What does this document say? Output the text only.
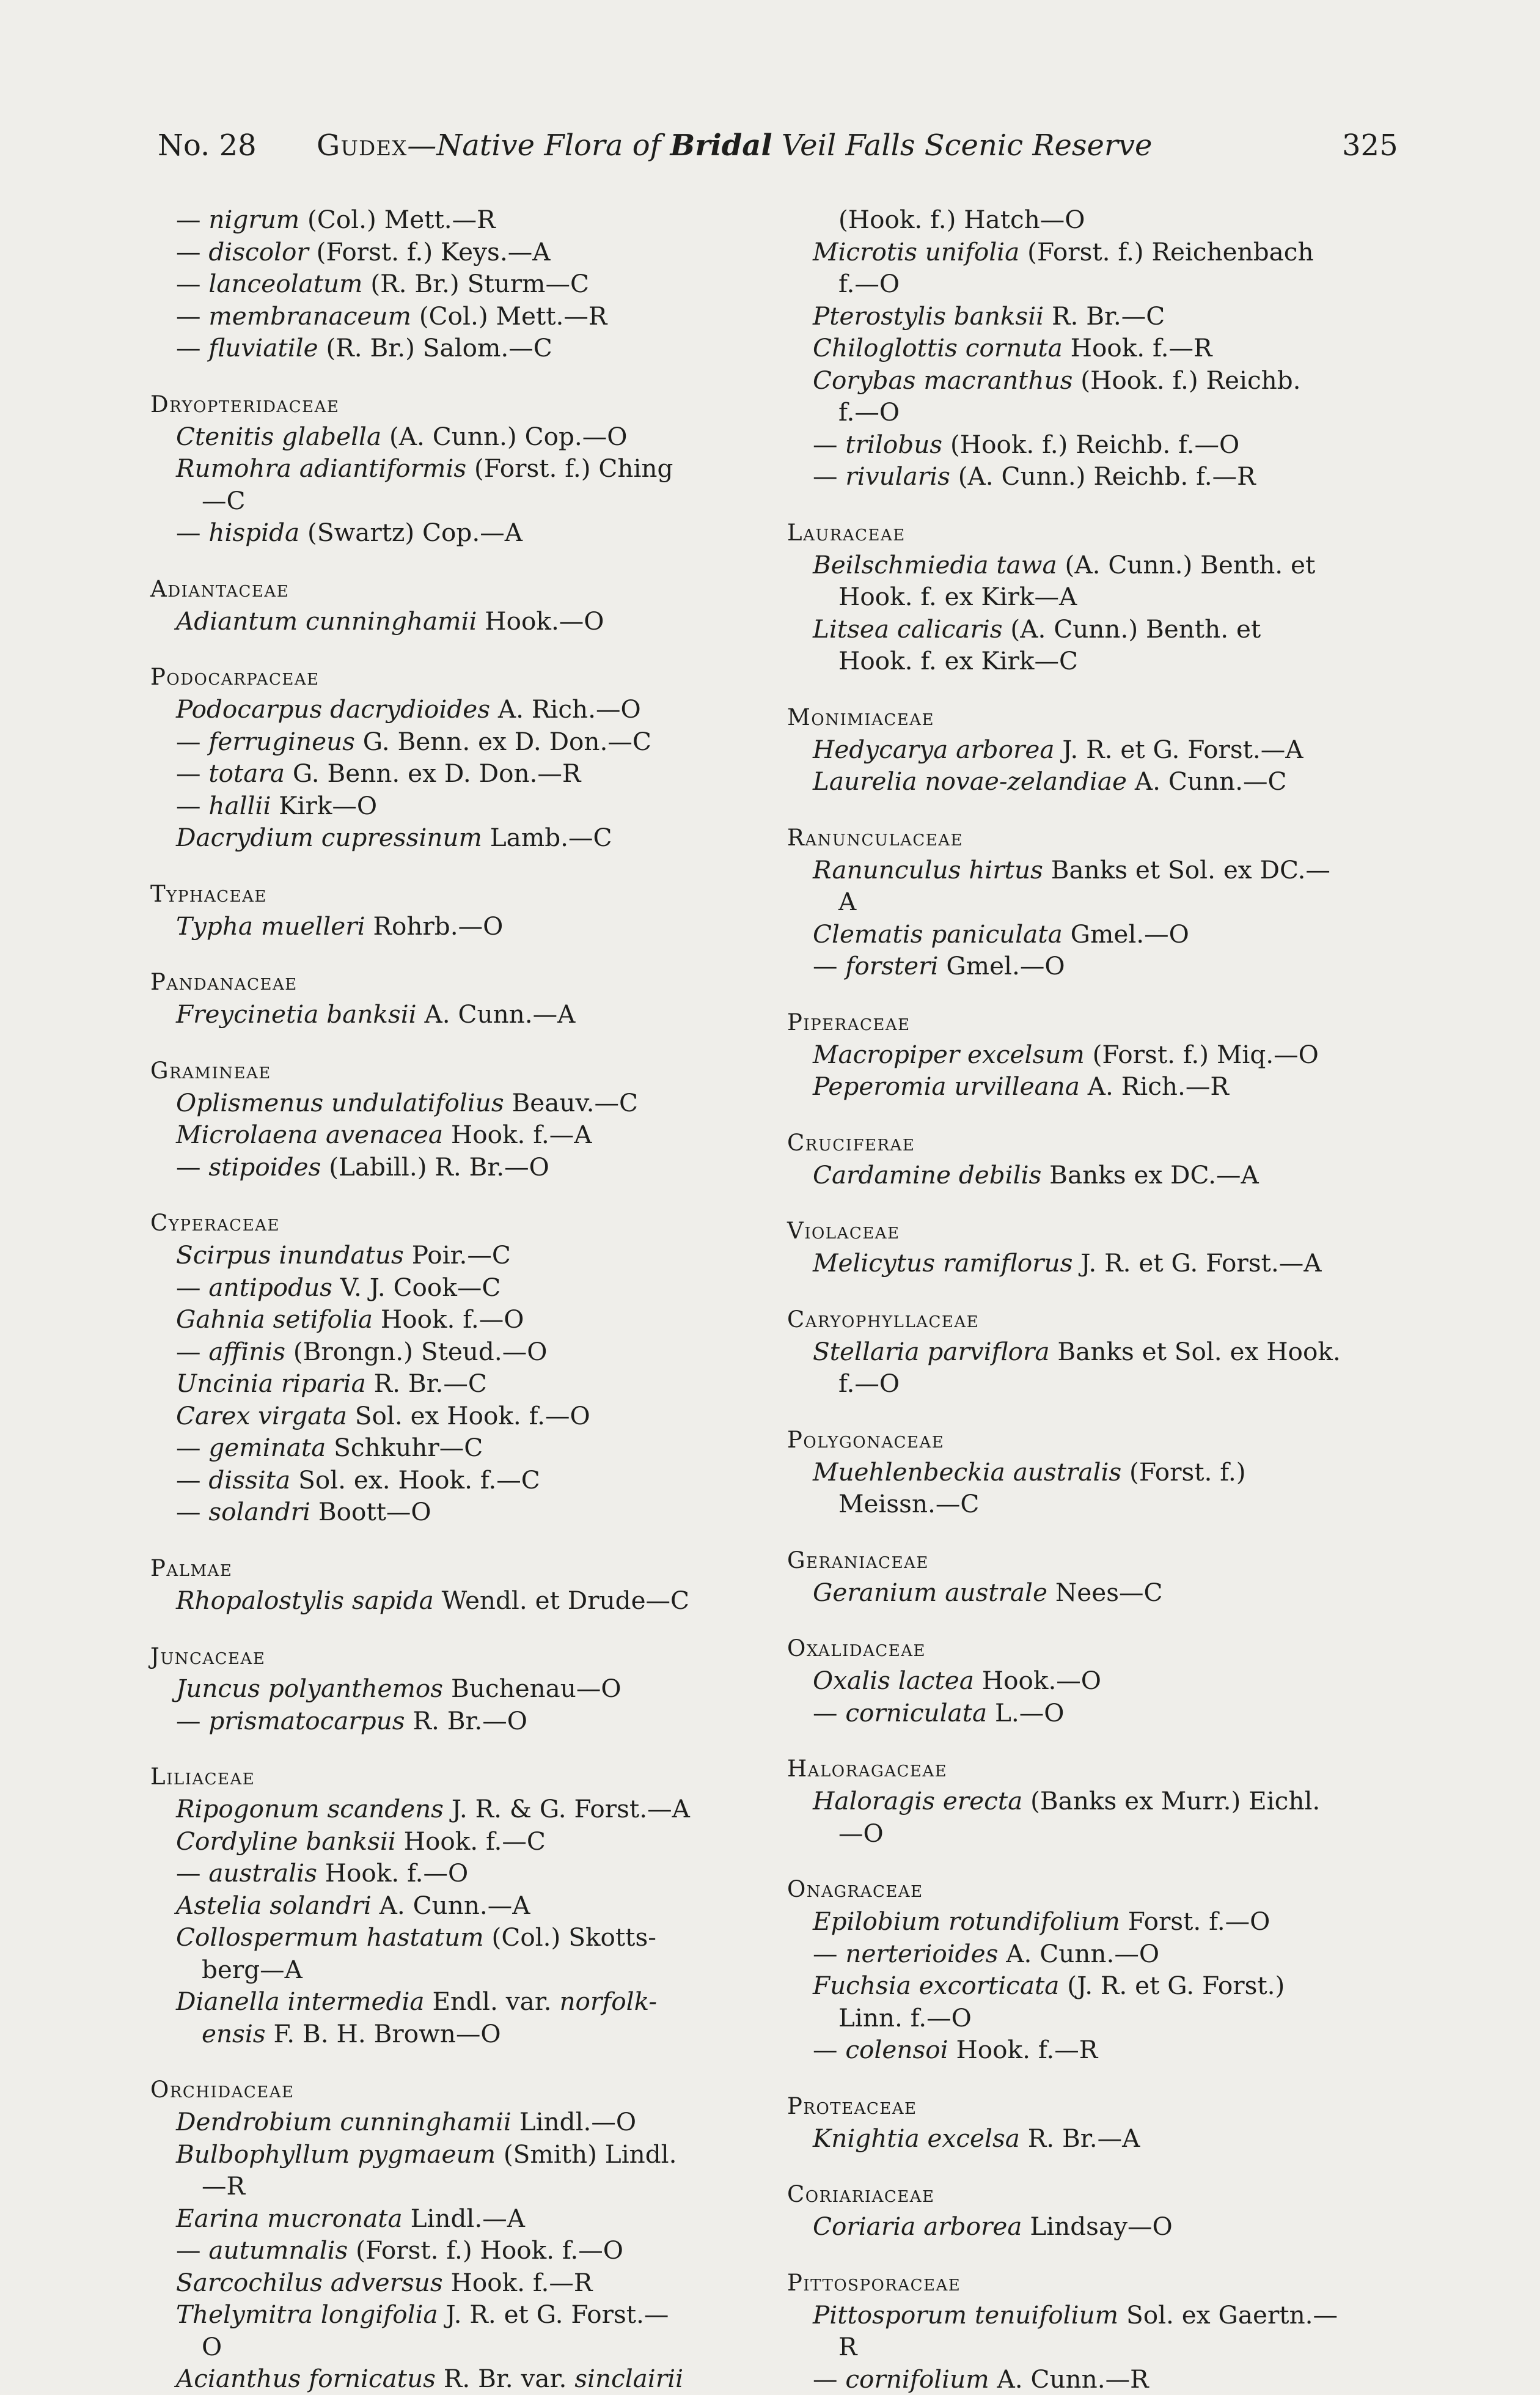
No. 28 Gudex—Native Flora of Bridal Veil Falls Scenic Reserve	325
— nigrum (Col.) Mett.—R
— discolor (Forst. f.) Keys.—A
— lanceolatum (R. Br.) Sturm—C
— membranaceum (Col.) Mett.—R
— fluviatile (R. Br.) Salom.—C
Dryopteridaceae
Ctenitis glabella (A. Cunn.) Cop.—O
Rumohra adiantiformis (Forst. f.) Ching
—C
— hispida (Swartz) Cop.—A
Adiantaceae
Adiantum cunninghamii Hook.—O
Podocarpaceae
Podocarpus dacrydioides A. Rich.—O
— ferrugineus G. Benn. ex D. Don.—C
— totara G. Benn. ex D. Don.—R
— hallii Kirk—O
Dacrydium cupressinum Lamb.—C
Typhaceae
Typha muelleri Rohrb.—O
Pandanaceae
Freycinetia banksii A. Cunn.—A
Gramineae
Oplismenus undulatifolius Beauv.—C
Microlaena avenacea Hook. f.—A
— stipoides (Labill.) R. Br.—O
Cyperaceae
Scirpus inundatus Poir.—C
— antipodus V. J. Cook—C
Gahnia setifolia Hook. f.—O
— affinis (Brongn.) Steud.—O
Uncinia riparia R. Br.—C
Carex virgata Sol. ex Hook. f.—O
— geminata Schkuhr—C
— dissita Sol. ex. Hook. f.—C
— solandri Boott—O
Palmae
Rhopalostylis sapida Wendl. et Drude—C
Juncaceae
Juncus polyanthemos Buchenau—O
— prismatocarpus R. Br.—O
Liliaceae
Ripogonum scandens J. R. & G. Forst.—A
Cordyline banksii Hook. f.—C
— australis Hook. f.—O
Astelia solandri A. Cunn.—A
Collospermum hastatum (Col.) Skotts-
berg—A
Dianella intermedia Endl. var. norfolk-
ensis F. B. H. Brown—O
Orchidaceae
Dendrobium cunninghamii Lindl.—O
Bulbophyllum pygmaeum (Smith) Lindl.
—R
Earina mucronata Lindl.—A
— autumnalis (Forst. f.) Hook. f.—O
Sarcochilus adversus Hook. f.—R
Thelymitra longifolia J. R. et G. Forst.—
O
Acianthus fornicatus R. Br. var. sinclairii
(Hook. f.) Hatch—O
Microtis unifolia (Forst. f.) Reichenbach
f.—O
Pterostylis banksii R. Br.—C
Chiloglottis cornuta Hook. f.—R
Corybas macranthus (Hook. f.) Reichb.
f.—O
— trilobus (Hook. f.) Reichb. f.—O
— rivularis (A. Cunn.) Reichb. f.—R
Lauraceae
Beilschmiedia tawa (A. Cunn.) Benth. et
Hook. f. ex Kirk—A
Litsea calicaris (A. Cunn.) Benth. et
Hook. f. ex Kirk—C
Monimiaceae
Hedycarya arborea J. R. et G. Forst.—A
Laurelia novae-zelandiae A. Cunn.—C
Ranunculaceae
Ranunculus hirtus Banks et Sol. ex DC.—
A
Clematis paniculata Gmel.—O
— forsteri Gmel.—O
Piperaceae
Macropiper excelsum (Forst. f.) Miq.—O
Peperomia urvilleana A. Rich.—R
Cruciferae
Cardamine debilis Banks ex DC.—A
Violaceae
Melicytus ramiflorus J. R. et G. Forst.—A
Caryophyllaceae
Stellaria parviflora Banks et Sol. ex Hook.
f.—O
Polygonaceae
Muehlenbeckia australis (Forst. f.)
Meissn.—C
Geraniaceae
Geranium australe Nees—C
Oxalidaceae
Oxalis lactea Hook.—O
— corniculata L.—O
Haloragaceae
Haloragis erecta (Banks ex Murr.) Eichl.
—O
Onagraceae
Epilobium rotundifolium Forst. f.—O
— nerterioides A. Cunn.—O
Fuchsia excorticata (J. R. et G. Forst.)
Linn. f.—O
— colensoi Hook. f.—R
Proteaceae
Knightia excelsa R. Br.—A
Coriariaceae
Coriaria arborea Lindsay—O
Pittosporaceae
Pittosporum tenuifolium Sol. ex Gaertn.—
R
— cornifolium A. Cunn.—R
